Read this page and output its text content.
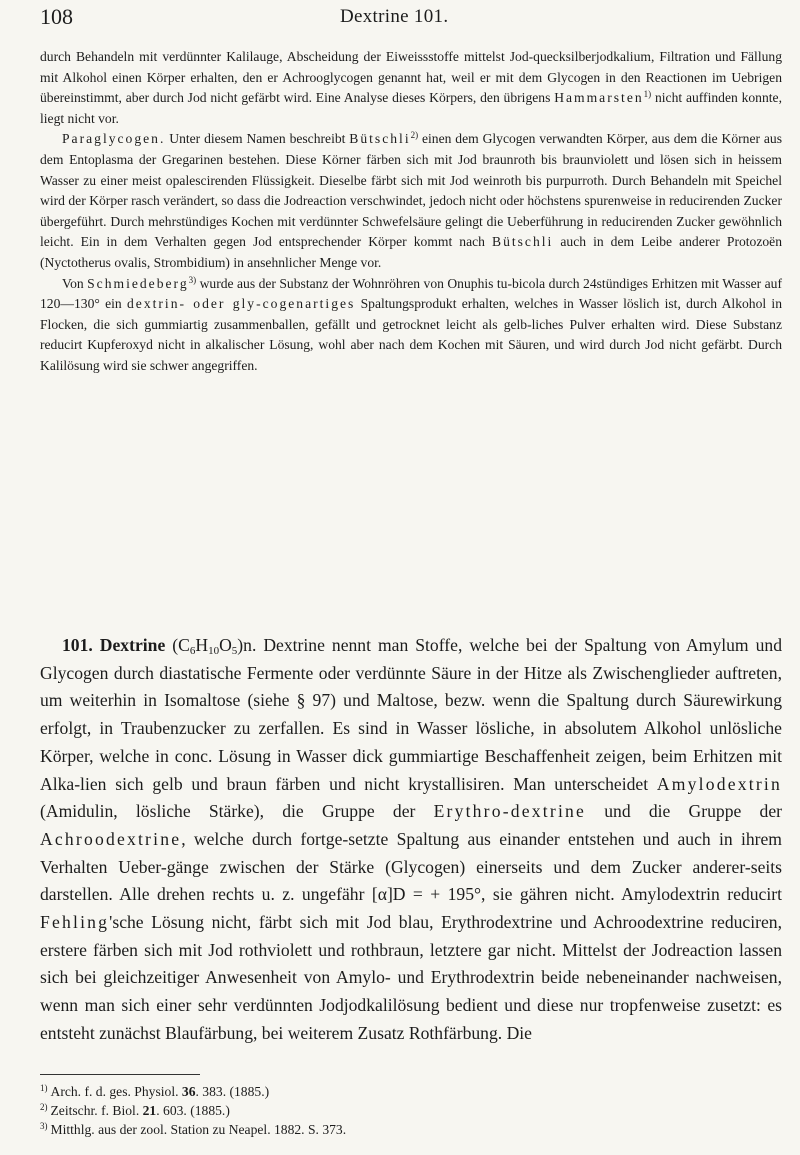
108	Dextrine 101.

durch Behandeln mit verdünnter Kalilauge, Abscheidung der Eiweissstoffe mittelst Jod-quecksilberjodkalium, Filtration und Fällung mit Alkohol einen Körper erhalten, den er Achrooglycogen genannt hat, weil er mit dem Glycogen in den Reactionen im Uebrigen übereinstimmt, aber durch Jod nicht gefärbt wird. Eine Analyse dieses Körpers, den übrigens Hammarsten$^{1)}$ nicht auffinden konnte, liegt nicht vor.

Paraglycogen. Unter diesem Namen beschreibt Bütschli$^{2)}$ einen dem Glycogen verwandten Körper, aus dem die Körner aus dem Entoplasma der Gregarinen bestehen. Diese Körner färben sich mit Jod braunroth bis braunviolett und lösen sich in heissem Wasser zu einer meist opalescirenden Flüssigkeit. Dieselbe färbt sich mit Jod weinroth bis purpurroth. Durch Behandeln mit Speichel wird der Körper rasch verändert, so dass die Jodreaction verschwindet, jedoch nicht oder höchstens spurenweise in reducirenden Zucker übergeführt. Durch mehrstündiges Kochen mit verdünnter Schwefelsäure gelingt die Ueberführung in reducirenden Zucker gewöhnlich leicht. Ein in dem Verhalten gegen Jod entsprechender Körper kommt nach Bütschli auch in dem Leibe anderer Protozoën (Nyctotherus ovalis, Strombidium) in ansehnlicher Menge vor.

Von Schmiedeberg$^{3)}$ wurde aus der Substanz der Wohnröhren von Onuphis tu-bicola durch 24stündiges Erhitzen mit Wasser auf 120—130° ein dextrin- oder gly-cogenartiges Spaltungsprodukt erhalten, welches in Wasser löslich ist, durch Alkohol in Flocken, die sich gummiartig zusammenballen, gefällt und getrocknet leicht als gelb-liches Pulver erhalten wird. Diese Substanz reducirt Kupferoxyd nicht in alkalischer Lösung, wohl aber nach dem Kochen mit Säuren, und wird durch Jod nicht gefärbt. Durch Kalilösung wird sie schwer angegriffen.

101. Dextrine $(C_6H_{10}O_5)n$. Dextrine nennt man Stoffe, welche bei der Spaltung von Amylum und Glycogen durch diastatische Fermente oder verdünnte Säure in der Hitze als Zwischenglieder auftreten, um weiterhin in Isomaltose (siehe § 97) und Maltose, bezw. wenn die Spaltung durch Säurewirkung erfolgt, in Traubenzucker zu zerfallen. Es sind in Wasser lösliche, in absolutem Alkohol unlösliche Körper, welche in conc. Lösung in Wasser dick gummiartige Beschaffenheit zeigen, beim Erhitzen mit Alka-lien sich gelb und braun färben und nicht krystallisiren. Man unterscheidet Amylodextrin (Amidulin, lösliche Stärke), die Gruppe der Erythro-dextrine und die Gruppe der Achroodextrine, welche durch fortge-setzte Spaltung aus einander entstehen und auch in ihrem Verhalten Ueber-gänge zwischen der Stärke (Glycogen) einerseits und dem Zucker anderer-seits darstellen. Alle drehen rechts u. z. ungefähr [α]D = + 195°, sie gähren nicht. Amylodextrin reducirt Fehling'sche Lösung nicht, färbt sich mit Jod blau, Erythrodextrine und Achroodextrine reduciren, erstere färben sich mit Jod rothviolett und rothbraun, letztere gar nicht. Mittelst der Jodreaction lassen sich bei gleichzeitiger Anwesenheit von Amylo- und Erythrodextrin beide nebeneinander nachweisen, wenn man sich einer sehr verdünnten Jodjodkalilösung bedient und diese nur tropfenweise zusetzt: es entsteht zunächst Blaufärbung, bei weiterem Zusatz Rothfärbung. Die

$^{1)}$ Arch. f. d. ges. Physiol. 36. 383. (1885.)
$^{2)}$ Zeitschr. f. Biol. 21. 603. (1885.)
$^{3)}$ Mitthlg. aus der zool. Station zu Neapel. 1882. S. 373.
